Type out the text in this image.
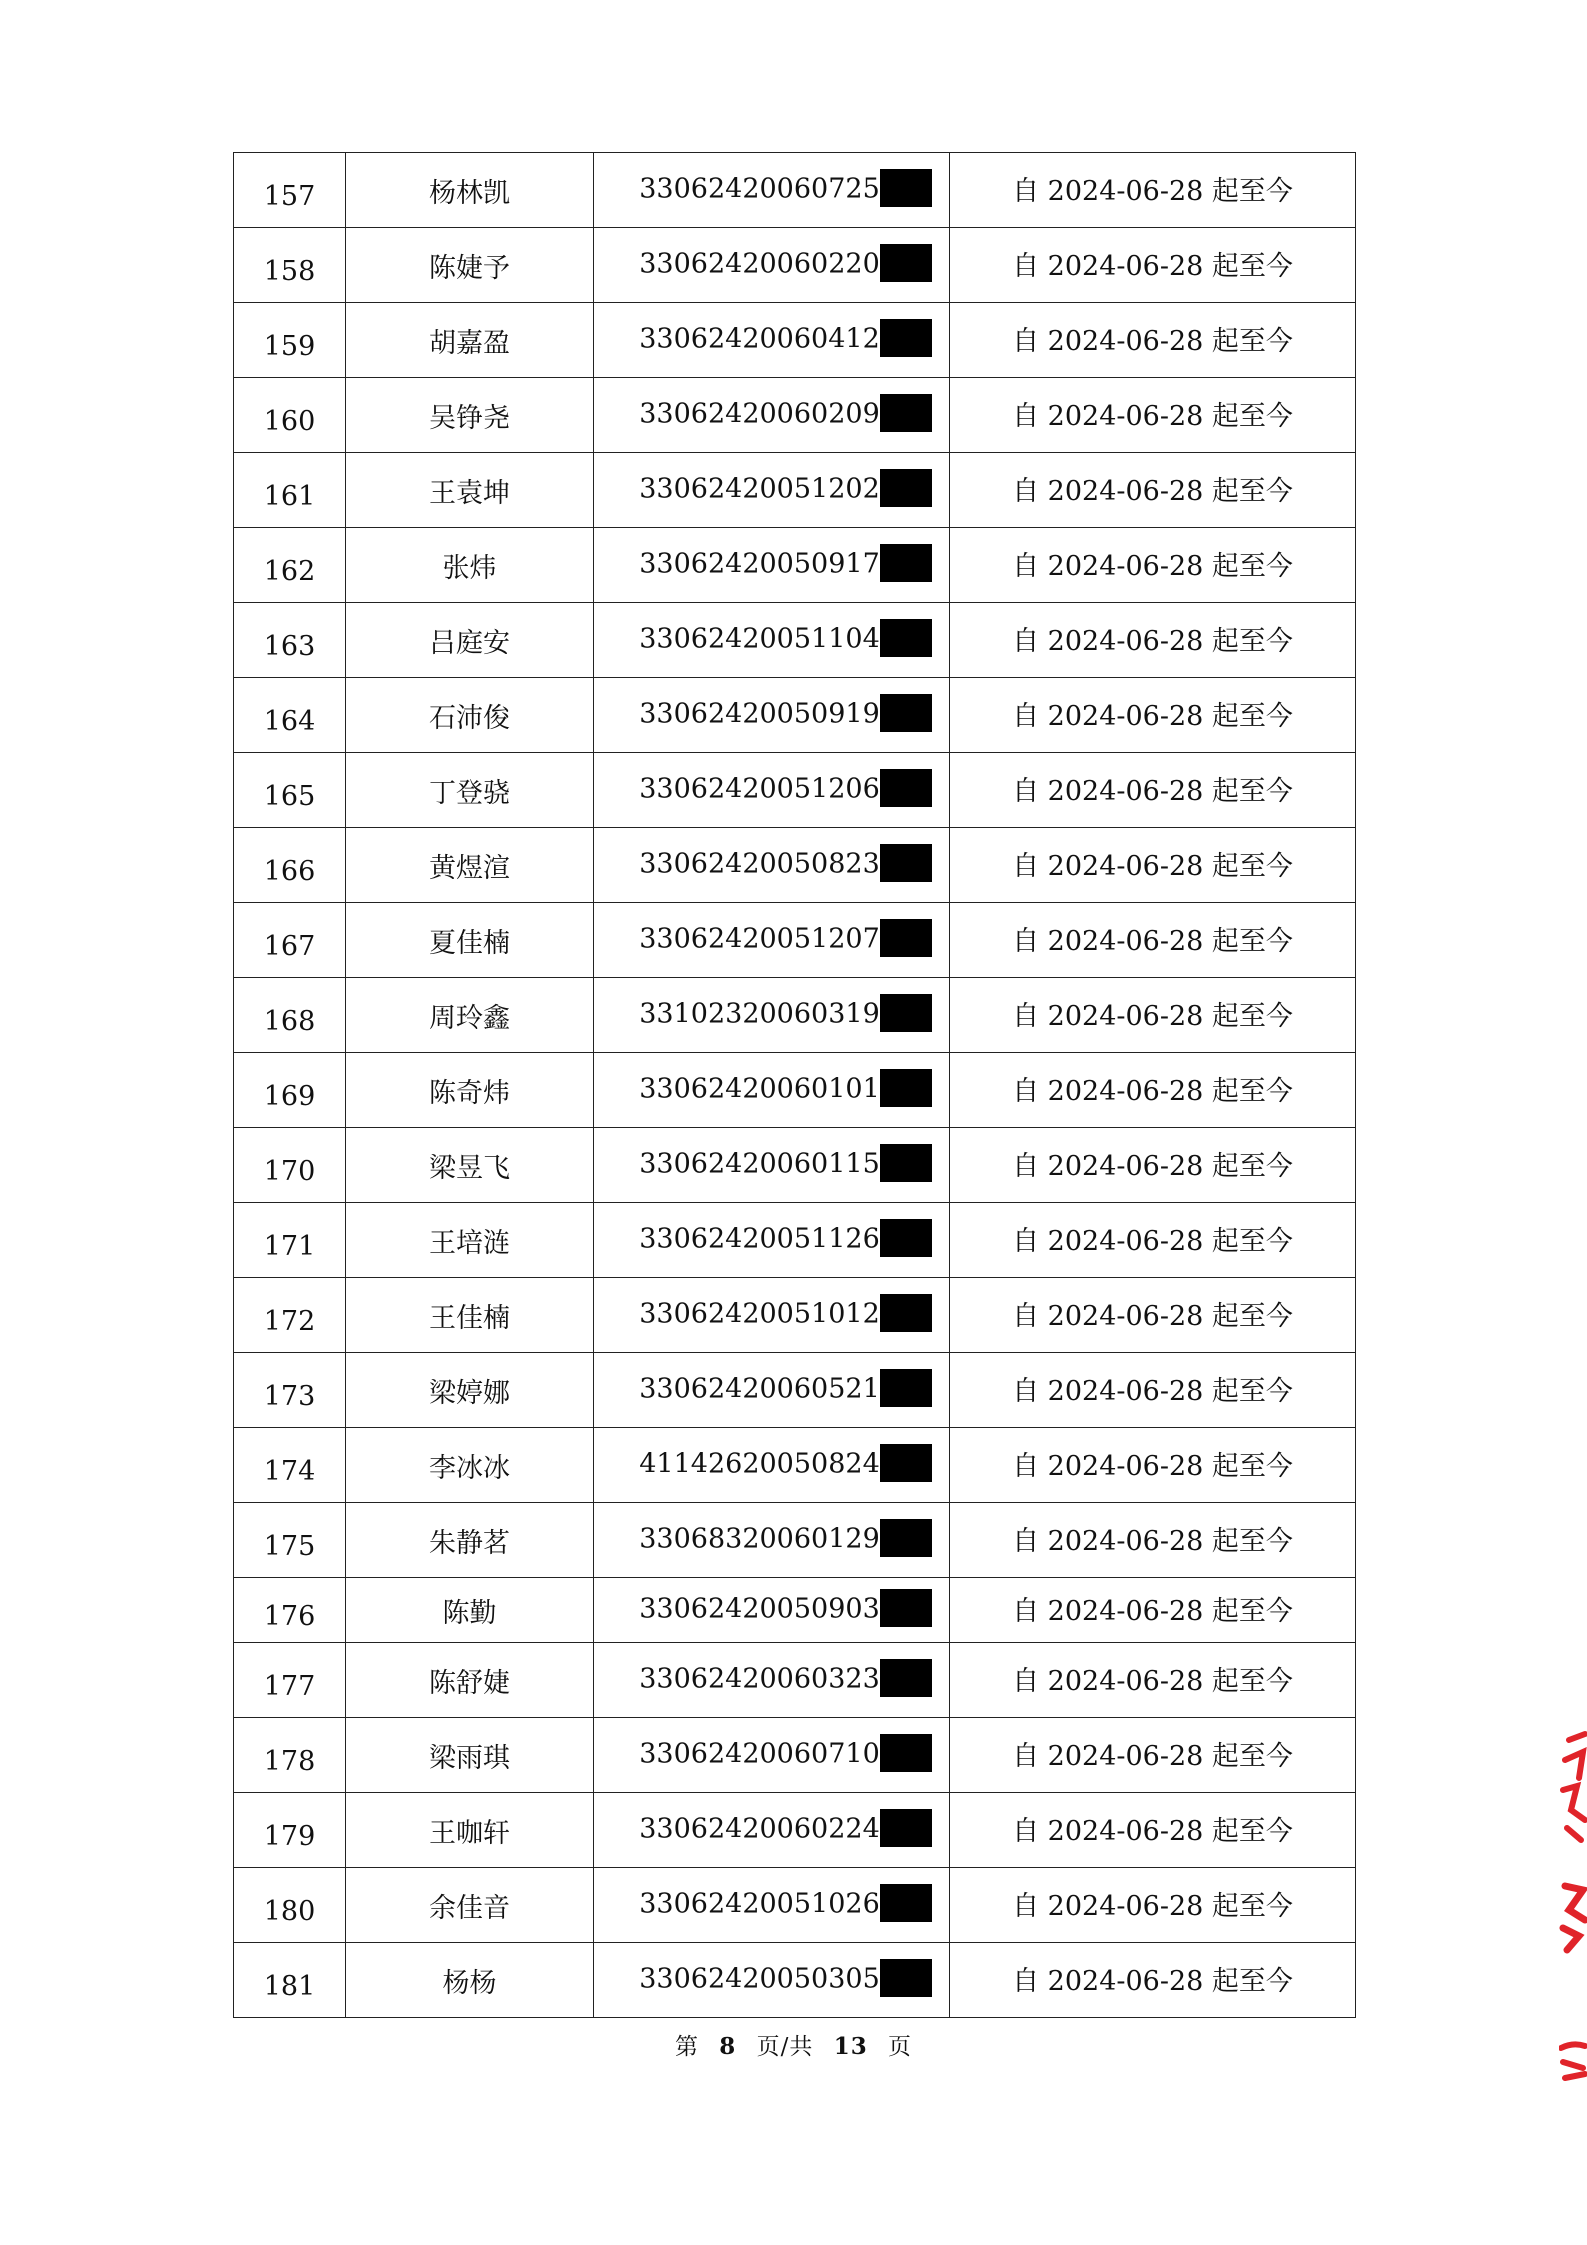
157	杨林凯	33062420060725	自 2024-06-28 起至今
158	陈婕予	33062420060220	自 2024-06-28 起至今
159	胡嘉盈	33062420060412	自 2024-06-28 起至今
160	吴铮尧	33062420060209	自 2024-06-28 起至今
161	王袁坤	33062420051202	自 2024-06-28 起至今
162	张炜	33062420050917	自 2024-06-28 起至今
163	吕庭安	33062420051104	自 2024-06-28 起至今
164	石沛俊	33062420050919	自 2024-06-28 起至今
165	丁登骁	33062420051206	自 2024-06-28 起至今
166	黄煜渲	33062420050823	自 2024-06-28 起至今
167	夏佳楠	33062420051207	自 2024-06-28 起至今
168	周玲鑫	33102320060319	自 2024-06-28 起至今
169	陈奇炜	33062420060101	自 2024-06-28 起至今
170	梁昱飞	33062420060115	自 2024-06-28 起至今
171	王培涟	33062420051126	自 2024-06-28 起至今
172	王佳楠	33062420051012	自 2024-06-28 起至今
173	梁婷娜	33062420060521	自 2024-06-28 起至今
174	李冰冰	41142620050824	自 2024-06-28 起至今
175	朱静茗	33068320060129	自 2024-06-28 起至今
176	陈勤	33062420050903	自 2024-06-28 起至今
177	陈舒婕	33062420060323	自 2024-06-28 起至今
178	梁雨琪	33062420060710	自 2024-06-28 起至今
179	王咖轩	33062420060224	自 2024-06-28 起至今
180	余佳音	33062420051026	自 2024-06-28 起至今
181	杨杨	33062420050305	自 2024-06-28 起至今
第 8 页/共 13 页
